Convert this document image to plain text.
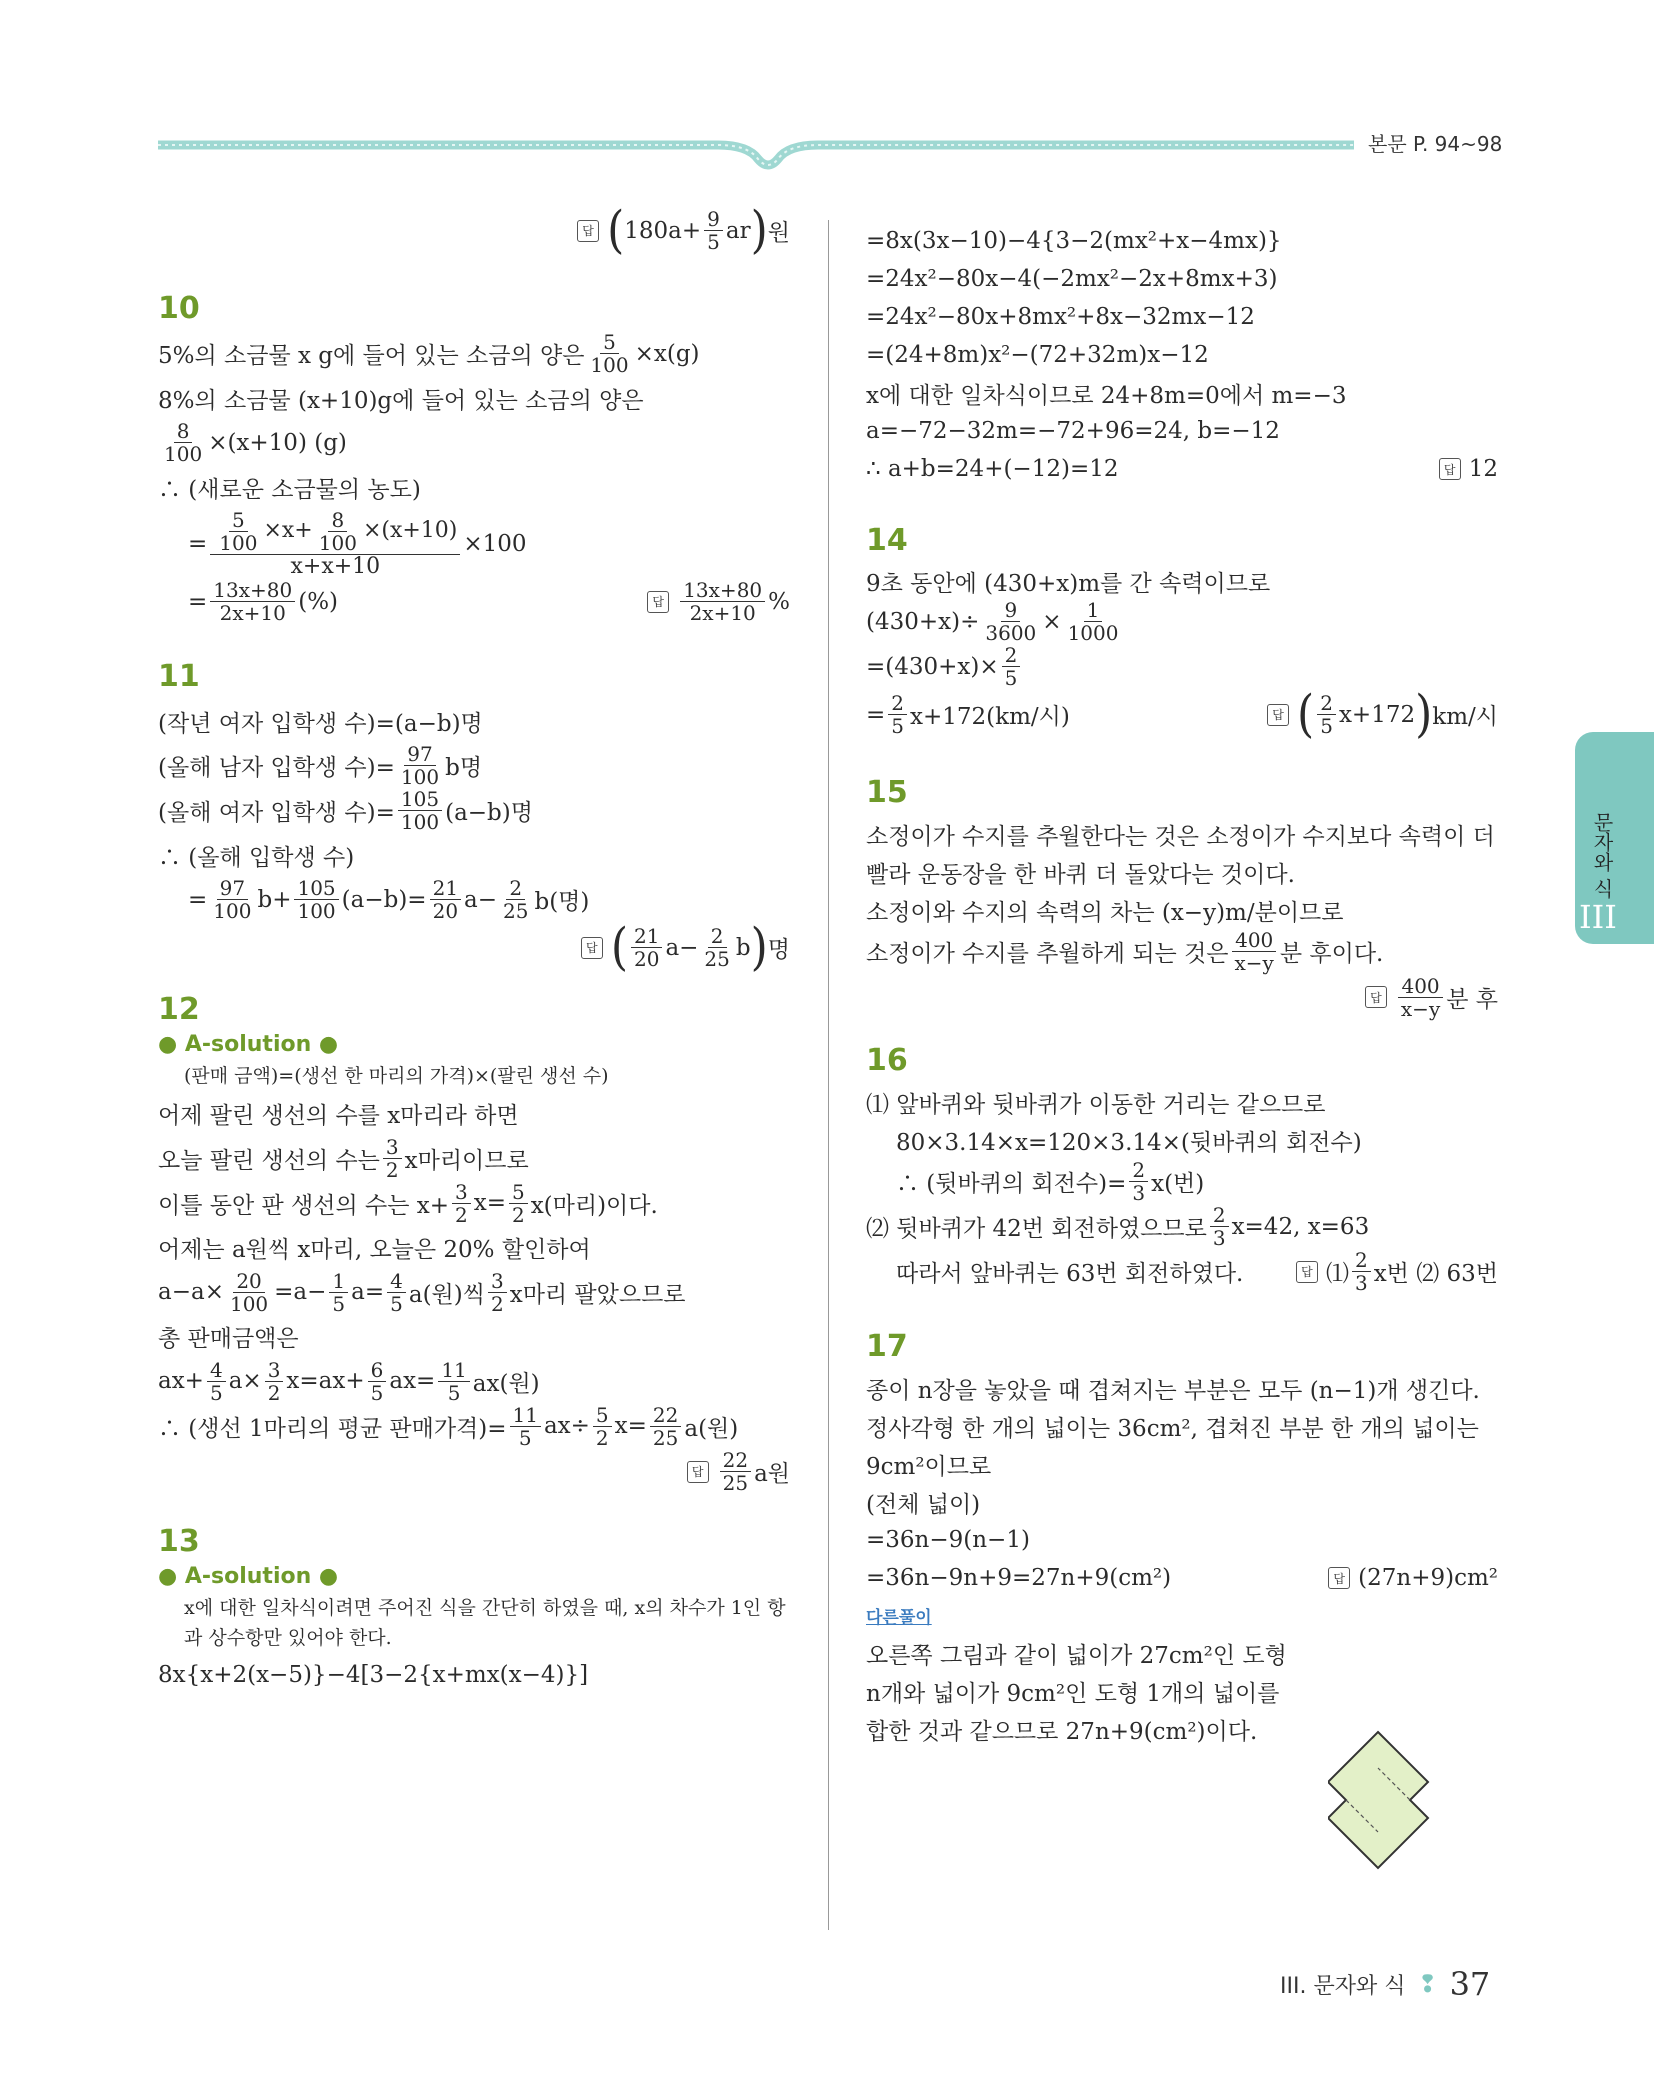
본문 P. 94~98
답 ( $180a+ \frac{9}{5}$ ar ) 원
10
5%의 소금물 x g에 들어 있는 소금의 양은 $\frac{5}{100} \times x(g)$
8%의 소금물 (x+10)g에 들어 있는 소금의 양은
$\frac{8}{100} \times(x+10)$ (g)
∴ (새로운 소금물의 농도)
= $\frac{\frac{5}{100} \times x+ \frac{8}{100} \times(x+10)}{x+x+10} \times 100$
= $\frac{13x+80}{2x+10}$ (%)	답 13x+80
2x+10 %
11
(작년 여자 입학생 수)=(a−b)명
(올해 남자 입학생 수)= $\frac{97}{100}$ b명
(올해 여자 입학생 수)= $\frac{105}{100} (a-b)$명
∴ (올해 입학생 수)
= $\frac{97}{100} b+ \frac{105}{100} (a-b)= \frac{21}{20} a- \frac{2}{25} b$(명)
답 ( 21
20 $a- \frac{2}{25}$ b ) 명
12
● A-solution ●
(판매 금액)=(생선 한 마리의 가격)×(팔린 생선 수)
어제 팔린 생선의 수를 x마리라 하면
오늘 팔린 생선의 수는
3
2 x마리이므로
이틀 동안 판 생선의 수는 $x+ \frac{3}{2} x= \frac{5}{2} x$(마리)이다.
어제는 a원씩 x마리, 오늘은 20% 할인하여
$a-a\times \frac{20}{100} =a- \frac{1}{5} a= \frac{4}{5} a$(원)씩
3
2 x마리 팔았으므로
총 판매금액은
$ax+ \frac{4}{5} a\times \frac{3}{2} x=ax+ \frac{6}{5} ax= \frac{11}{5} ax$(원)
∴ (생선 1마리의 평균 판매가격)= $\frac{11}{5} ax\div \frac{5}{2} x= \frac{22}{25} a$(원)
답 22
25 a원
13
● A-solution ●
x에 대한 일차식이려면 주어진 식을 간단히 하였을 때, x의 차수가 1인 항
과 상수항만 있어야 한다.
8x{x+2(x−5)}−4[3−2{x+mx(x−4)}]
=8x(3x−10)−4{3−2(mx²+x−4mx)}
=24x²−80x−4(−2mx²−2x+8mx+3)
=24x²−80x+8mx²+8x−32mx−12
=(24+8m)x²−(72+32m)x−12
x에 대한 일차식이므로 24+8m=0에서 m=−3
a=−72−32m=−72+96=24, b=−12
∴ a+b=24+(−12)=12	답 12
14
9초 동안에 (430+x)m를 간 속력이므로
$(430+x)\div \frac{9}{3600} \times \frac{1}{1000}$
$=(430+x)\times \frac{2}{5}$
= $\frac{2}{5} x+172(km/$시)	답 ( 2
5 x+172 ) km/시
15
소정이가 수지를 추월한다는 것은 소정이가 수지보다 속력이 더
빨라 운동장을 한 바퀴 더 돌았다는 것이다.
소정이와 수지의 속력의 차는 (x−y)m/분이므로
소정이가 수지를 추월하게 되는 것은
400
x−y 분 후이다.
답 400
x−y 분 후
16
⑴ 앞바퀴와 뒷바퀴가 이동한 거리는 같으므로
80×3.14×x=120×3.14×(뒷바퀴의 회전수)
∴ (뒷바퀴의 회전수)= $\frac{2}{3} x$(번)
⑵ 뒷바퀴가 42번 회전하였으므로
2
3 x=42, x=63
따라서 앞바퀴는 63번 회전하였다.	답 ⑴
2
3 x번 ⑵ 63번
17
종이 n장을 놓았을 때 겹쳐지는 부분은 모두 (n−1)개 생긴다.
정사각형 한 개의 넓이는 36cm², 겹쳐진 부분 한 개의 넓이는
9cm²이므로
(전체 넓이)
=36n−9(n−1)
=36n−9n+9=27n+9(cm²)	답 (27n+9)cm²
다른풀이
오른쪽 그림과 같이 넓이가 27cm²인 도형
n개와 넓이가 9cm²인 도형 1개의 넓이를
합한 것과 같으므로 27n+9(cm²)이다.
문자와 식
III
III. 문자와 식 ❢ 37
